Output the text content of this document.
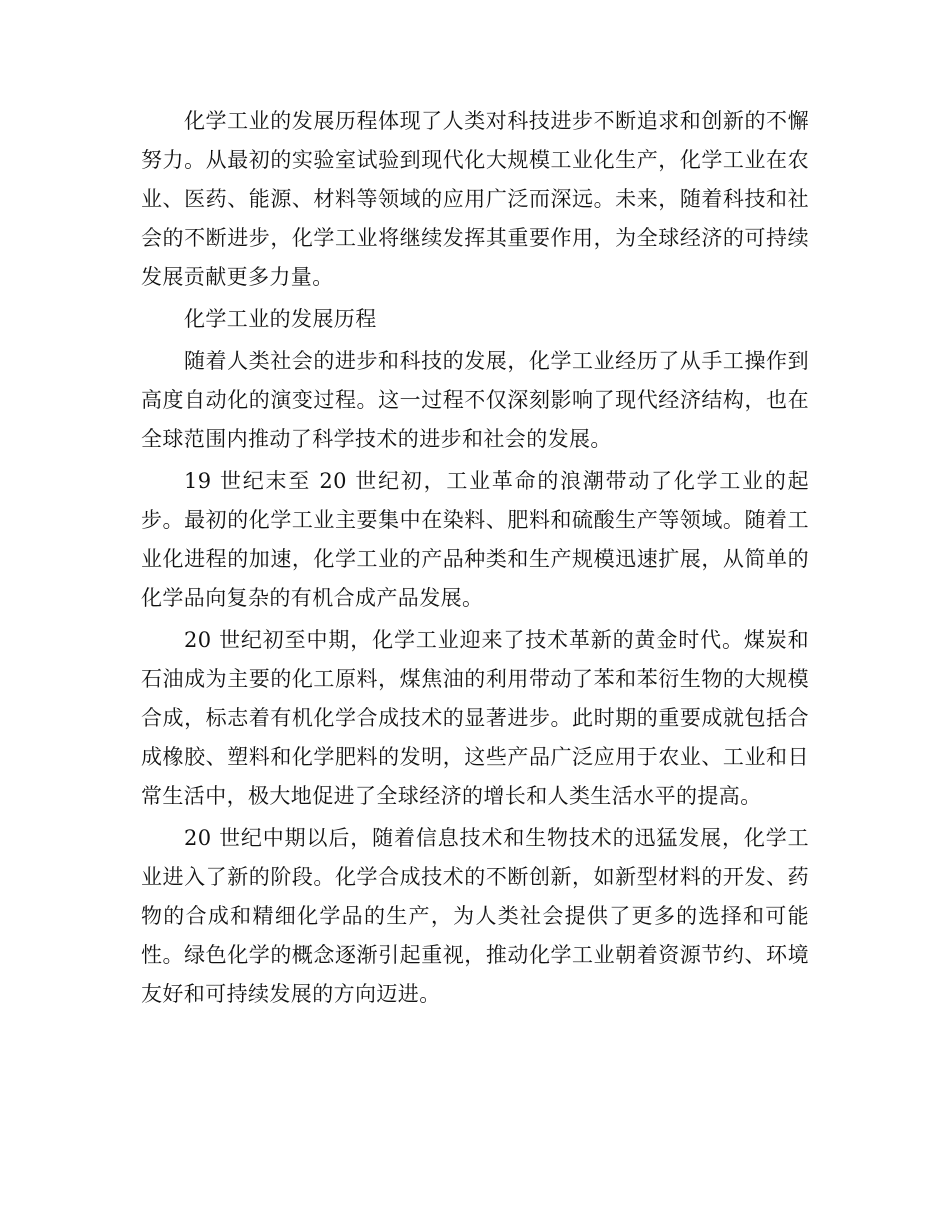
化学工业的发展历程体现了人类对科技进步不断追求和创新的不懈努力。从最初的实验室试验到现代化大规模工业化生产，化学工业在农业、医药、能源、材料等领域的应用广泛而深远。未来，随着科技和社会的不断进步，化学工业将继续发挥其重要作用，为全球经济的可持续发展贡献更多力量。

化学工业的发展历程

随着人类社会的进步和科技的发展，化学工业经历了从手工操作到高度自动化的演变过程。这一过程不仅深刻影响了现代经济结构，也在全球范围内推动了科学技术的进步和社会的发展。

19 世纪末至 20 世纪初，工业革命的浪潮带动了化学工业的起步。最初的化学工业主要集中在染料、肥料和硫酸生产等领域。随着工业化进程的加速，化学工业的产品种类和生产规模迅速扩展，从简单的化学品向复杂的有机合成产品发展。

20 世纪初至中期，化学工业迎来了技术革新的黄金时代。煤炭和石油成为主要的化工原料，煤焦油的利用带动了苯和苯衍生物的大规模合成，标志着有机化学合成技术的显著进步。此时期的重要成就包括合成橡胶、塑料和化学肥料的发明，这些产品广泛应用于农业、工业和日常生活中，极大地促进了全球经济的增长和人类生活水平的提高。

20 世纪中期以后，随着信息技术和生物技术的迅猛发展，化学工业进入了新的阶段。化学合成技术的不断创新，如新型材料的开发、药物的合成和精细化学品的生产，为人类社会提供了更多的选择和可能性。绿色化学的概念逐渐引起重视，推动化学工业朝着资源节约、环境友好和可持续发展的方向迈进。
